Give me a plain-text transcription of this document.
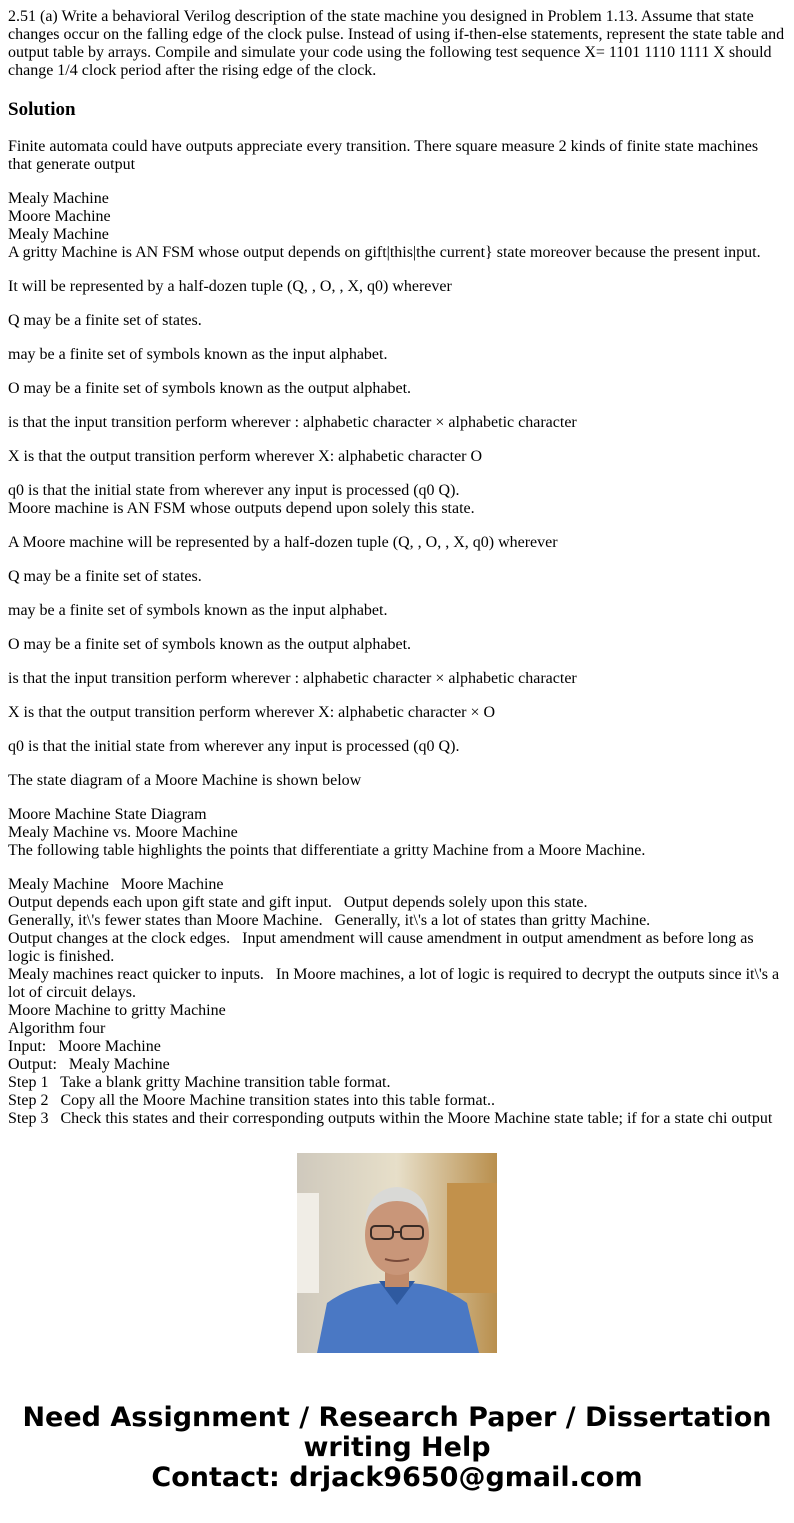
2.51 (a) Write a behavioral Verilog description of the state machine you designed in Problem 1.13. Assume that state changes occur on the falling edge of the clock pulse. Instead of using if-then-else statements, represent the state table and output table by arrays. Compile and simulate your code using the following test sequence X= 1101 1110 1111 X should change 1/4 clock period after the rising edge of the clock.

Solution

Finite automata could have outputs appreciate every transition. There square measure 2 kinds of finite state machines that generate output

Mealy Machine
Moore Machine
Mealy Machine
A gritty Machine is AN FSM whose output depends on gift|this|the current} state moreover because the present input.

It will be represented by a half-dozen tuple (Q, , O, , X, q0) wherever

Q may be a finite set of states.

may be a finite set of symbols known as the input alphabet.

O may be a finite set of symbols known as the output alphabet.

is that the input transition perform wherever : alphabetic character × alphabetic character

X is that the output transition perform wherever X: alphabetic character O

q0 is that the initial state from wherever any input is processed (q0 Q).
Moore machine is AN FSM whose outputs depend upon solely this state.

A Moore machine will be represented by a half-dozen tuple (Q, , O, , X, q0) wherever

Q may be a finite set of states.

may be a finite set of symbols known as the input alphabet.

O may be a finite set of symbols known as the output alphabet.

is that the input transition perform wherever : alphabetic character × alphabetic character

X is that the output transition perform wherever X: alphabetic character × O

q0 is that the initial state from wherever any input is processed (q0 Q).

The state diagram of a Moore Machine is shown below

Moore Machine State Diagram
Mealy Machine vs. Moore Machine
The following table highlights the points that differentiate a gritty Machine from a Moore Machine.
Mealy Machine   Moore Machine
Output depends each upon gift state and gift input.   Output depends solely upon this state.
Generally, it\'s fewer states than Moore Machine.   Generally, it\'s a lot of states than gritty Machine.
Output changes at the clock edges.   Input amendment will cause amendment in output amendment as before long as logic is finished.
Mealy machines react quicker to inputs.   In Moore machines, a lot of logic is required to decrypt the outputs since it\'s a lot of circuit delays.
Moore Machine to gritty Machine
Algorithm four
Input:   Moore Machine
Output:   Mealy Machine
Step 1   Take a blank gritty Machine transition table format.
Step 2   Copy all the Moore Machine transition states into this table format..
Step 3   Check this states and their corresponding outputs within the Moore Machine state table; if for a state chi output
Need Assignment / Research Paper / Dissertation
writing Help
Contact: drjack9650@gmail.com
